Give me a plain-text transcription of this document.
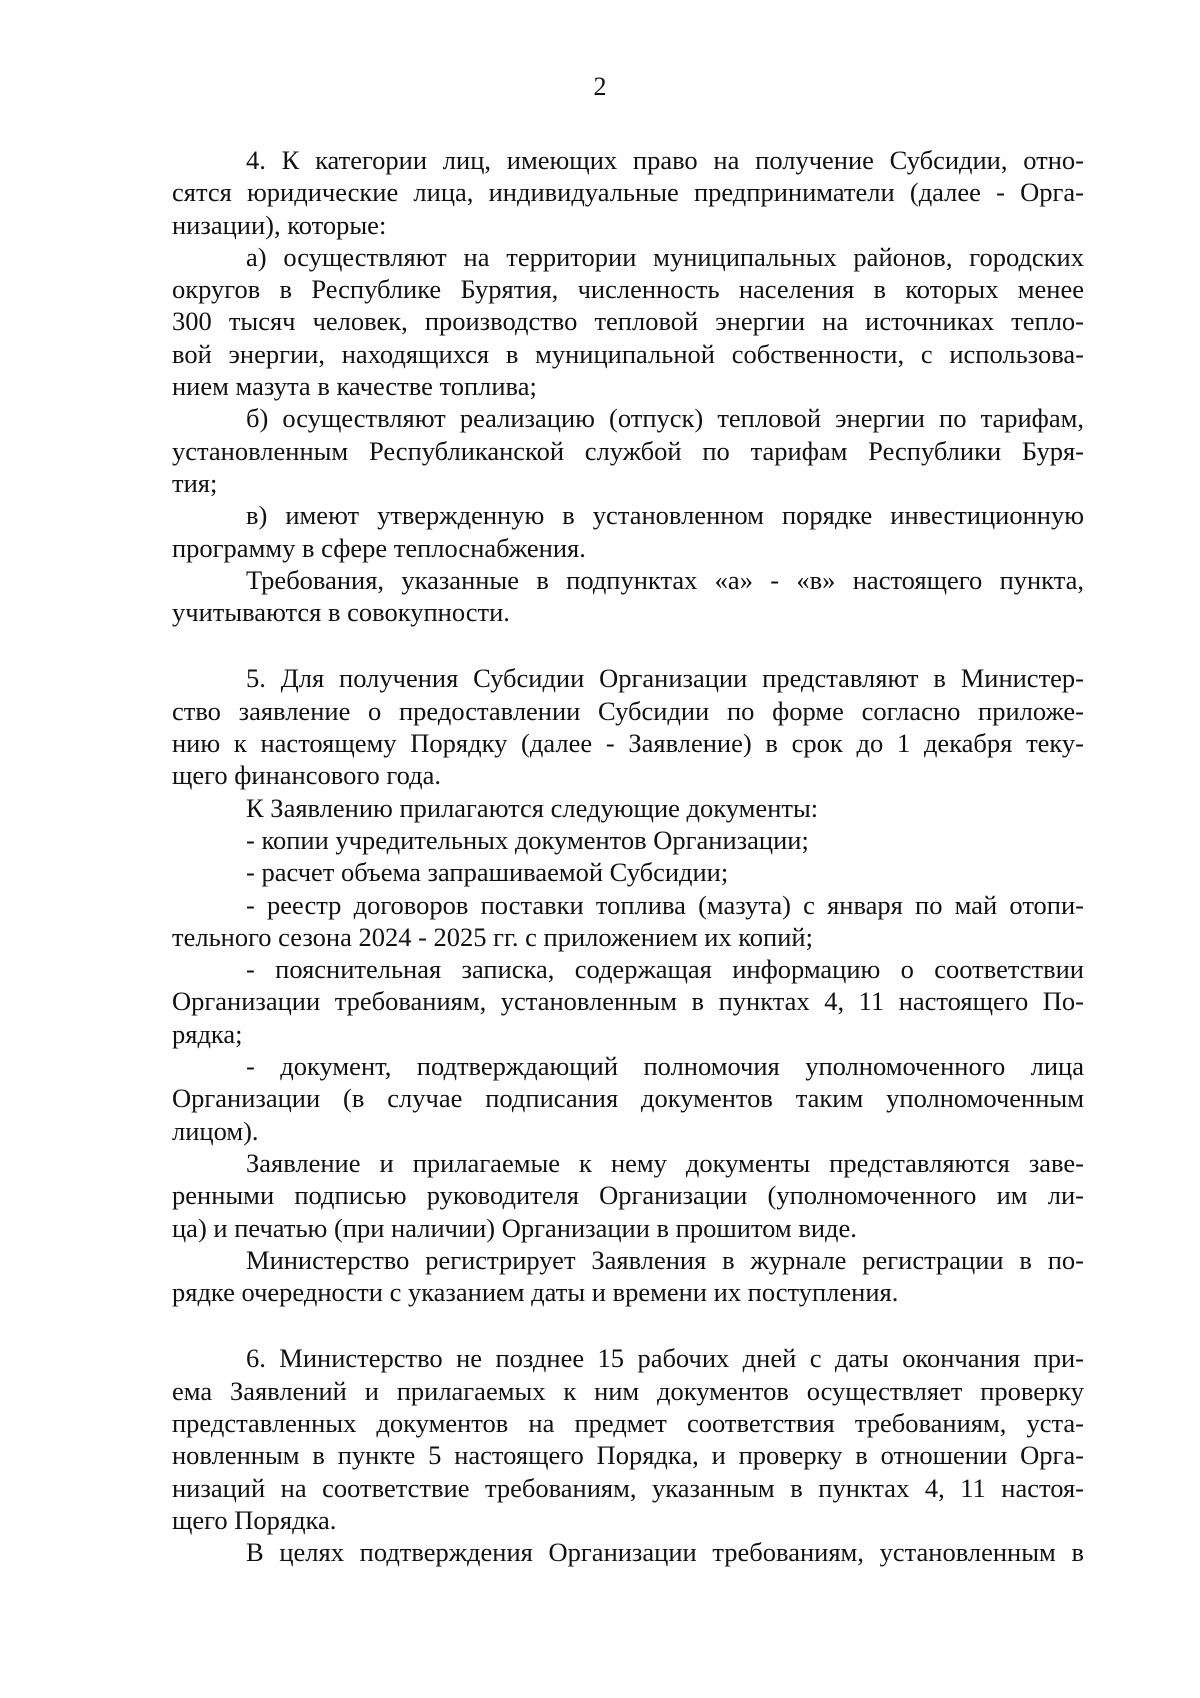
2
4. К категории лиц, имеющих право на получение Субсидии, отно-
сятся юридические лица, индивидуальные предприниматели (далее - Орга-
низации), которые:
а) осуществляют на территории муниципальных районов, городских
округов в Республике Бурятия, численность населения в которых менее
300 тысяч человек, производство тепловой энергии на источниках тепло-
вой энергии, находящихся в муниципальной собственности, с использова-
нием мазута в качестве топлива;
б) осуществляют реализацию (отпуск) тепловой энергии по тарифам,
установленным Республиканской службой по тарифам Республики Буря-
тия;
в) имеют утвержденную в установленном порядке инвестиционную
программу в сфере теплоснабжения.
Требования, указанные в подпунктах «а» - «в» настоящего пункта,
учитываются в совокупности.
5. Для получения Субсидии Организации представляют в Министер-
ство заявление о предоставлении Субсидии по форме согласно приложе-
нию к настоящему Порядку (далее - Заявление) в срок до 1 декабря теку-
щего финансового года.
К Заявлению прилагаются следующие документы:
- копии учредительных документов Организации;
- расчет объема запрашиваемой Субсидии;
- реестр договоров поставки топлива (мазута) с января по май отопи-
тельного сезона 2024 - 2025 гг. с приложением их копий;
- пояснительная записка, содержащая информацию о соответствии
Организации требованиям, установленным в пунктах 4, 11 настоящего По-
рядка;
- документ, подтверждающий полномочия уполномоченного лица
Организации (в случае подписания документов таким уполномоченным
лицом).
Заявление и прилагаемые к нему документы представляются заве-
ренными подписью руководителя Организации (уполномоченного им ли-
ца) и печатью (при наличии) Организации в прошитом виде.
Министерство регистрирует Заявления в журнале регистрации в по-
рядке очередности с указанием даты и времени их поступления.
6. Министерство не позднее 15 рабочих дней с даты окончания при-
ема Заявлений и прилагаемых к ним документов осуществляет проверку
представленных документов на предмет соответствия требованиям, уста-
новленным в пункте 5 настоящего Порядка, и проверку в отношении Орга-
низаций на соответствие требованиям, указанным в пунктах 4, 11 настоя-
щего Порядка.
В целях подтверждения Организации требованиям, установленным в
